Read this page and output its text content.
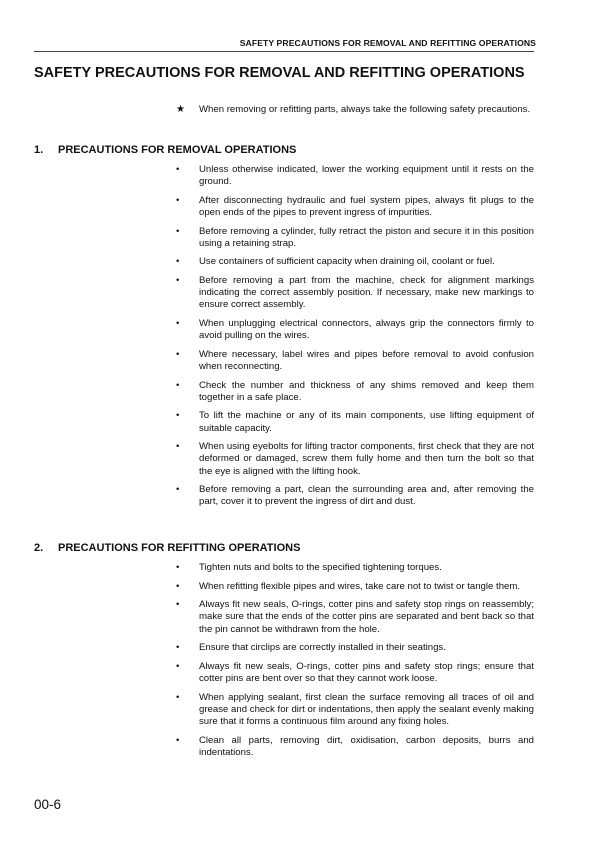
SAFETY PRECAUTIONS FOR REMOVAL AND REFITTING OPERATIONS
SAFETY PRECAUTIONS FOR REMOVAL AND REFITTING OPERATIONS
★	When removing or refitting parts, always take the following safety precautions.
1. PRECAUTIONS FOR REMOVAL OPERATIONS
•	Unless otherwise indicated, lower the working equipment until it rests on the ground.
•	After disconnecting hydraulic and fuel system pipes, always fit plugs to the open ends of the pipes to prevent ingress of impurities.
•	Before removing a cylinder, fully retract the piston and secure it in this position using a retaining strap.
•	Use containers of sufficient capacity when draining oil, coolant or fuel.
•	Before removing a part from the machine, check for alignment markings indicating the correct assembly position. If necessary, make new markings to ensure correct assembly.
•	When unplugging electrical connectors, always grip the connectors firmly to avoid pulling on the wires.
•	Where necessary, label wires and pipes before removal to avoid confusion when reconnecting.
•	Check the number and thickness of any shims removed and keep them together in a safe place.
•	To lift the machine or any of its main components, use lifting equipment of suitable capacity.
•	When using eyebolts for lifting tractor components, first check that they are not deformed or damaged, screw them fully home and then turn the bolt so that the eye is aligned with the lifting hook.
•	Before removing a part, clean the surrounding area and, after removing the part, cover it to prevent the ingress of dirt and dust.
2. PRECAUTIONS FOR REFITTING OPERATIONS
•	Tighten nuts and bolts to the specified tightening torques.
•	When refitting flexible pipes and wires, take care not to twist or tangle them.
•	Always fit new seals, O-rings, cotter pins and safety stop rings on reassembly; make sure that the ends of the cotter pins are separated and bent back so that the pin cannot be withdrawn from the hole.
•	Ensure that circlips are correctly installed in their seatings.
•	Always fit new seals, O-rings, cotter pins and safety stop rings; ensure that cotter pins are bent over so that they cannot work loose.
•	When applying sealant, first clean the surface removing all traces of oil and grease and check for dirt or indentations, then apply the sealant evenly making sure that it forms a continuous film around any fixing holes.
•	Clean all parts, removing dirt, oxidisation, carbon deposits, burrs and indentations.

00-6
